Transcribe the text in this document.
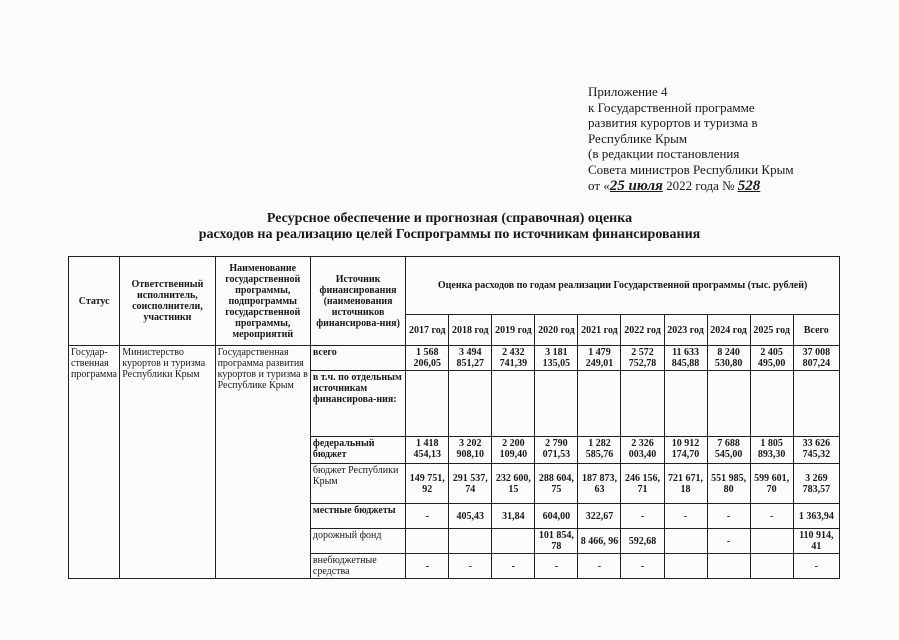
Приложение 4
к Государственной программе
развития курортов и туризма в
Республике Крым
(в редакции постановления
Совета министров Республики Крым
от «25 июля 2022 года № 528
Ресурсное обеспечение и прогнозная (справочная) оценка
расходов на реализацию целей Госпрограммы по источникам финансирования
Статус	Ответственный исполнитель, соисполнители, участники	Наименование государственной программы, подпрограммы государственной программы, мероприятий	Источник финансирования (наименования источников финансирова-ния)	Оценка расходов по годам реализации Государственной программы (тыс. рублей)									
				2017 год	2018 год	2019 год	2020 год	2021 год	2022 год	2023 год	2024 год	2025 год	Всего
Государ-ственная программа	Министерство курортов и туризма Республики Крым	Государственная программа развития курортов и туризма в Республике Крым	всего	1 568 206,05	3 494 851,27	2 432 741,39	3 181 135,05	1 479 249,01	2 572 752,78	11 633 845,88	8 240 530,80	2 405 495,00	37 008 807,24
			в т.ч. по отдельным источникам финансирова-ния:										
			федеральный бюджет	1 418 454,13	3 202 908,10	2 200 109,40	2 790 071,53	1 282 585,76	2 326 003,40	10 912 174,70	7 688 545,00	1 805 893,30	33 626 745,32
			бюджет Республики Крым	149 751, 92	291 537, 74	232 600, 15	288 604, 75	187 873, 63	246 156, 71	721 671, 18	551 985, 80	599 601, 70	3 269 783,57
			местные бюджеты	-	405,43	31,84	604,00	322,67	-	-	-	-	1 363,94
			дорожный фонд				101 854, 78	8 466, 96	592,68		-		110 914, 41
			внебюджетные средства	-	-	-	-	-	-				-
